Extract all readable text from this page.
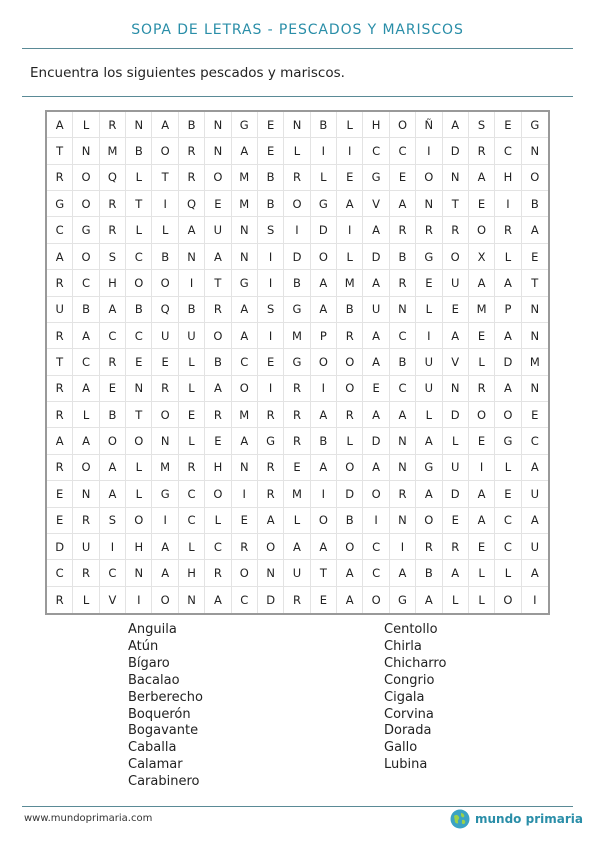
SOPA DE LETRAS - PESCADOS Y MARISCOS
Encuentra los siguientes pescados y mariscos.
A	L	R	N	A	B	N	G	E	N	B	L	H	O	Ñ	A	S	E	G
T	N	M	B	O	R	N	A	E	L	I	I	C	C	I	D	R	C	N
R	O	Q	L	T	R	O	M	B	R	L	E	G	E	O	N	A	H	O
G	O	R	T	I	Q	E	M	B	O	G	A	V	A	N	T	E	I	B
C	G	R	L	L	A	U	N	S	I	D	I	A	R	R	R	O	R	A
A	O	S	C	B	N	A	N	I	D	O	L	D	B	G	O	X	L	E
R	C	H	O	O	I	T	G	I	B	A	M	A	R	E	U	A	A	T
U	B	A	B	Q	B	R	A	S	G	A	B	U	N	L	E	M	P	N
R	A	C	C	U	U	O	A	I	M	P	R	A	C	I	A	E	A	N
T	C	R	E	E	L	B	C	E	G	O	O	A	B	U	V	L	D	M
R	A	E	N	R	L	A	O	I	R	I	O	E	C	U	N	R	A	N
R	L	B	T	O	E	R	M	R	R	A	R	A	A	L	D	O	O	E
A	A	O	O	N	L	E	A	G	R	B	L	D	N	A	L	E	G	C
R	O	A	L	M	R	H	N	R	E	A	O	A	N	G	U	I	L	A
E	N	A	L	G	C	O	I	R	M	I	D	O	R	A	D	A	E	U
E	R	S	O	I	C	L	E	A	L	O	B	I	N	O	E	A	C	A
D	U	I	H	A	L	C	R	O	A	A	O	C	I	R	R	E	C	U
C	R	C	N	A	H	R	O	N	U	T	A	C	A	B	A	L	L	A
R	L	V	I	O	N	A	C	D	R	E	A	O	G	A	L	L	O	I
Anguila
Atún
Bígaro
Bacalao
Berberecho
Boquerón
Bogavante
Caballa
Calamar
Carabinero
Centollo
Chirla
Chicharro
Congrio
Cigala
Corvina
Dorada
Gallo
Lubina
www.mundoprimaria.com	mundo primaria
